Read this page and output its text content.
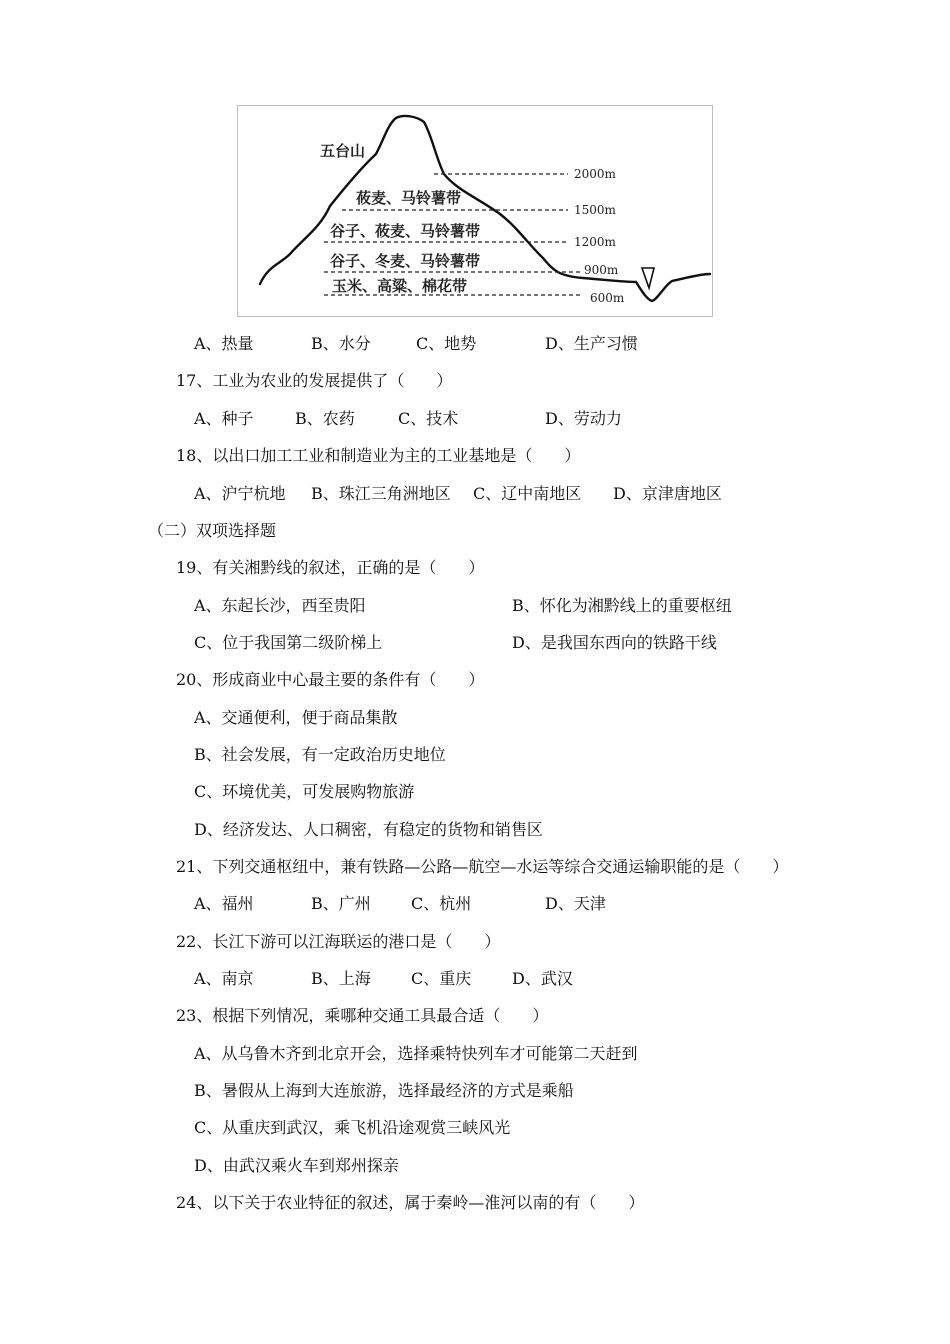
五台山
莜麦、马铃薯带
谷子、莜麦、马铃薯带
谷子、冬麦、马铃薯带
玉米、高粱、棉花带
2000m
1500m
1200m
900m
600m
A、热量	B、水分	C、地势	D、生产习惯
17、工业为农业的发展提供了（　　）
A、种子	B、农药	C、技术	D、劳动力
18、以出口加工工业和制造业为主的工业基地是（　　）
A、沪宁杭地 B、珠江三角洲地区 C、辽中南地区 D、京津唐地区
（二）双项选择题
19、有关湘黔线的叙述，正确的是（　　）
A、东起长沙，西至贵阳	B、怀化为湘黔线上的重要枢纽
C、位于我国第二级阶梯上	D、是我国东西向的铁路干线
20、形成商业中心最主要的条件有（　　）
A、交通便利，便于商品集散
B、社会发展，有一定政治历史地位
C、环境优美，可发展购物旅游
D、经济发达、人口稠密，有稳定的货物和销售区
21、下列交通枢纽中，兼有铁路—公路—航空—水运等综合交通运输职能的是（　　）
A、福州	B、广州	C、杭州	D、天津
22、长江下游可以江海联运的港口是（　　）
A、南京	B、上海	C、重庆	D、武汉
23、根据下列情况，乘哪种交通工具最合适（　　）
A、从乌鲁木齐到北京开会，选择乘特快列车才可能第二天赶到
B、暑假从上海到大连旅游，选择最经济的方式是乘船
C、从重庆到武汉，乘飞机沿途观赏三峡风光
D、由武汉乘火车到郑州探亲
24、以下关于农业特征的叙述，属于秦岭—淮河以南的有（　　）
